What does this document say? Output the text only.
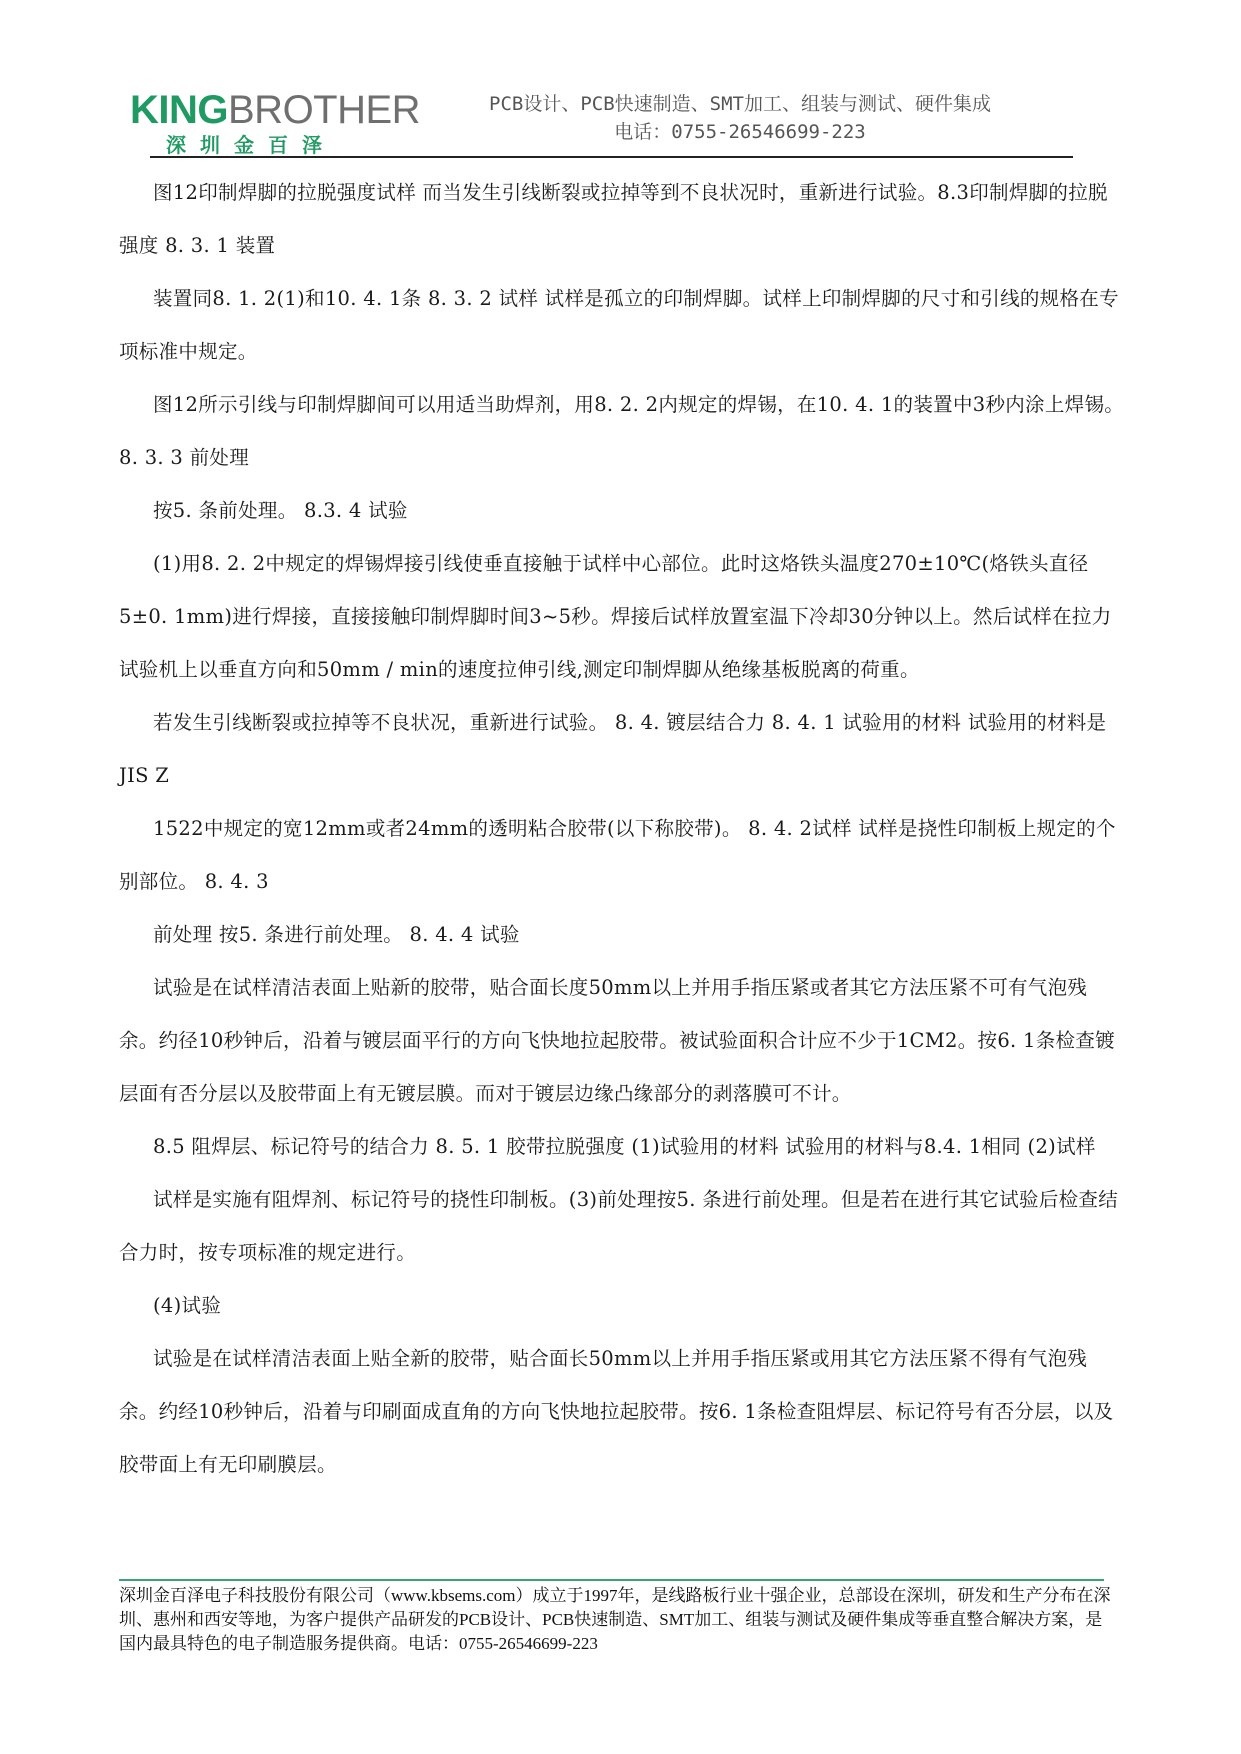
KINGBROTHER
深圳金百泽
PCB设计、PCB快速制造、SMT加工、组装与测试、硬件集成
电话：0755-26546699-223

图12印制焊脚的拉脱强度试样 而当发生引线断裂或拉掉等到不良状况时，重新进行试验。8.3印制焊脚的拉脱强度 8. 3. 1 装置

装置同8. 1. 2(1)和10. 4. 1条 8. 3. 2 试样 试样是孤立的印制焊脚。试样上印制焊脚的尺寸和引线的规格在专项标准中规定。

图12所示引线与印制焊脚间可以用适当助焊剂，用8. 2. 2内规定的焊锡，在10. 4. 1的装置中3秒内涂上焊锡。 8. 3. 3 前处理

按5. 条前处理。 8.3. 4 试验

(1)用8. 2. 2中规定的焊锡焊接引线使垂直接触于试样中心部位。此时这烙铁头温度270±10℃(烙铁头直径5±0. 1mm)进行焊接，直接接触印制焊脚时间3~5秒。焊接后试样放置室温下冷却30分钟以上。然后试样在拉力试验机上以垂直方向和50mm / min的速度拉伸引线,测定印制焊脚从绝缘基板脱离的荷重。

若发生引线断裂或拉掉等不良状况，重新进行试验。 8. 4. 镀层结合力 8. 4. 1 试验用的材料 试验用的材料是JIS Z

1522中规定的宽12mm或者24mm的透明粘合胶带(以下称胶带)。 8. 4. 2试样 试样是挠性印制板上规定的个别部位。 8. 4. 3

前处理 按5. 条进行前处理。 8. 4. 4 试验

试验是在试样清洁表面上贴新的胶带，贴合面长度50mm以上并用手指压紧或者其它方法压紧不可有气泡残余。约径10秒钟后，沿着与镀层面平行的方向飞快地拉起胶带。被试验面积合计应不少于1CM2。按6. 1条检查镀层面有否分层以及胶带面上有无镀层膜。而对于镀层边缘凸缘部分的剥落膜可不计。

8.5 阻焊层、标记符号的结合力 8. 5. 1 胶带拉脱强度 (1)试验用的材料 试验用的材料与8.4. 1相同 (2)试样

试样是实施有阻焊剂、标记符号的挠性印制板。(3)前处理按5. 条进行前处理。但是若在进行其它试验后检查结合力时，按专项标准的规定进行。

(4)试验

试验是在试样清洁表面上贴全新的胶带，贴合面长50mm以上并用手指压紧或用其它方法压紧不得有气泡残余。约经10秒钟后，沿着与印刷面成直角的方向飞快地拉起胶带。按6. 1条检查阻焊层、标记符号有否分层，以及胶带面上有无印刷膜层。

深圳金百泽电子科技股份有限公司（www.kbsems.com）成立于1997年，是线路板行业十强企业，总部设在深圳，研发和生产分布在深圳、惠州和西安等地，为客户提供产品研发的PCB设计、PCB快速制造、SMT加工、组装与测试及硬件集成等垂直整合解决方案，是国内最具特色的电子制造服务提供商。电话：0755-26546699-223
